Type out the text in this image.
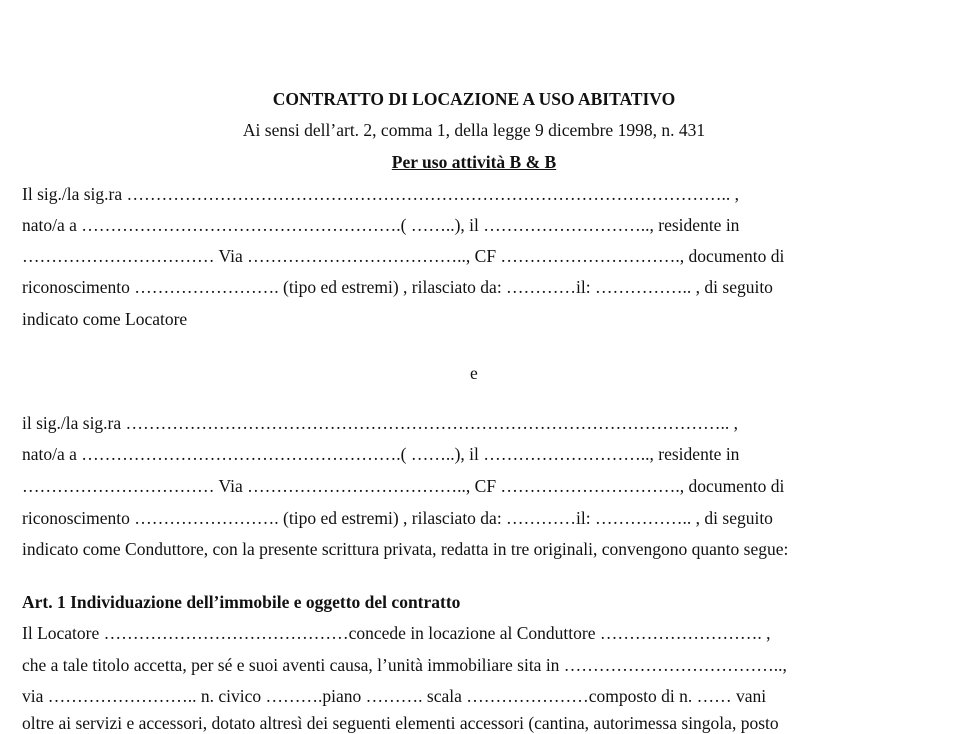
CONTRATTO DI LOCAZIONE A USO ABITATIVO
Ai sensi dell’art. 2, comma 1, della legge 9 dicembre 1998, n. 431
Per uso attività B & B
Il sig./la sig.ra ………………………………………………………………………………………….. ,
nato/a a ……………………………………………….( ……..), il ……………………….., residente in
…………………………… Via ……………………………….., CF …………………………., documento di
riconoscimento ……………………. (tipo ed estremi) , rilasciato da: …………il: …………….. , di seguito
indicato come Locatore
e
il sig./la sig.ra ………………………………………………………………………………………….. ,
nato/a a ……………………………………………….( ……..), il ……………………….., residente in
…………………………… Via ……………………………….., CF …………………………., documento di
riconoscimento ……………………. (tipo ed estremi) , rilasciato da: …………il: …………….. , di seguito
indicato come Conduttore, con la presente scrittura privata, redatta in tre originali, convengono quanto segue:
Art. 1 Individuazione dell’immobile e oggetto del contratto
Il Locatore ……………………………………concede in locazione al Conduttore ………………………. ,
che a tale titolo accetta, per sé e suoi aventi causa, l’unità immobiliare sita in ………………………………..,
via …………………….. n. civico ……….piano ………. scala …………………composto di n. …… vani
oltre ai servizi e accessori, dotato altresì dei seguenti elementi accessori (cantina, autorimessa singola, posto
